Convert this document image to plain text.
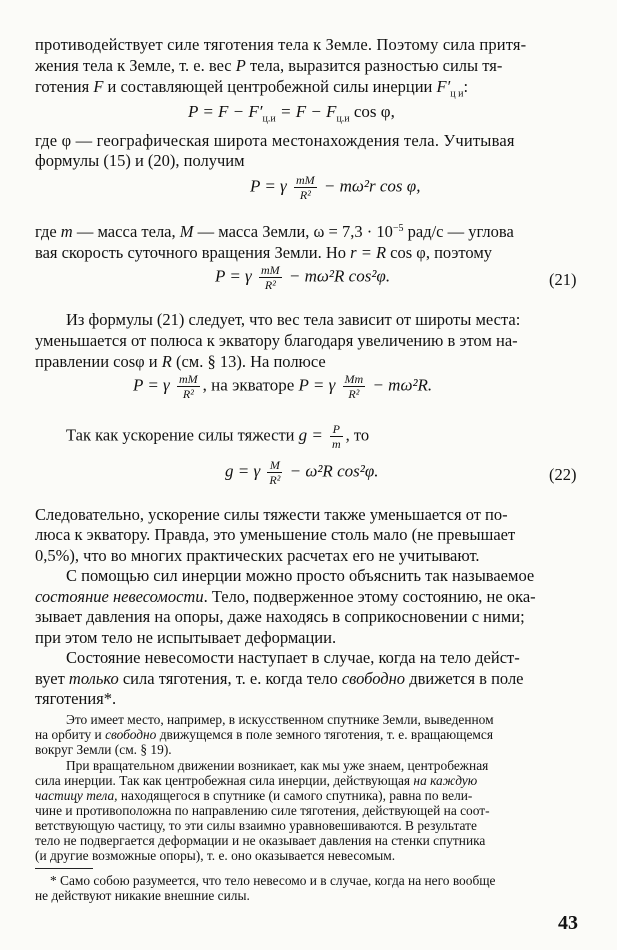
противодействует силе тяготения тела к Земле. Поэтому сила притя-
жения тела к Земле, т. е. вес P тела, выразится разностью силы тя-
готения F и составляющей центробежной силы инерции $F'_{ц и}$:
$P = F - F'_{ц.и} = F - F_{ц.и}$ cos φ,
где φ — географическая широта местонахождения тела. Учитывая
формулы (15) и (20), получим
P = γ $\frac{mM}{\text{R²}} - m\omega^2r$ cos φ,
где m — масса тела, M — масса Земли, $\omega = 7,3 \cdot 10^{-5}$ рад/с — углова
вая скорость суточного вращения Земли. Но r = R cos φ, поэтому
P = γ $\frac{mM}{\text{R²}} - m\omega^2R$ cos²φ.	(21)
Из формулы (21) следует, что вес тела зависит от широты места:
уменьшается от полюса к экватору благодаря увеличению в этом на-
правлении cosφ и R (см. § 13). На полюсе
P = γ $\frac{mM}{\text{R²}}$ , на экваторе P = γ $\frac{Mm}{\text{R²}} - m\omega^2R$.
Так как ускорение силы тяжести $g = \frac{P}{m}$ , то
g = γ $\frac{M}{\text{R²}} - \omega^2R$ cos²φ.	(22)
Следовательно, ускорение силы тяжести также уменьшается от по-
люса к экватору. Правда, это уменьшение столь мало (не превышает
0,5%), что во многих практических расчетах его не учитывают.
С помощью сил инерции можно просто объяснить так называемое
состояние невесомости. Тело, подверженное этому состоянию, не ока-
зывает давления на опоры, даже находясь в соприкосновении с ними;
при этом тело не испытывает деформации.
Состояние невесомости наступает в случае, когда на тело дейст-
вует только сила тяготения, т. е. когда тело свободно движется в поле
тяготения*.
Это имеет место, например, в искусственном спутнике Земли, выведенном
на орбиту и свободно движущемся в поле земного тяготения, т. е. вращающемся
вокруг Земли (см. § 19).
При вращательном движении возникает, как мы уже знаем, центробежная
сила инерции. Так как центробежная сила инерции, действующая на каждую
частицу тела, находящегося в спутнике (и самого спутника), равна по вели-
чине и противоположна по направлению силе тяготения, действующей на соот-
ветствующую частицу, то эти силы взаимно уравновешиваются. В результате
тело не подвергается деформации и не оказывает давления на стенки спутника
(и другие возможные опоры), т. е. оно оказывается невесомым.
* Само собою разумеется, что тело невесомо и в случае, когда на него вообще
не действуют никакие внешние силы.
43
